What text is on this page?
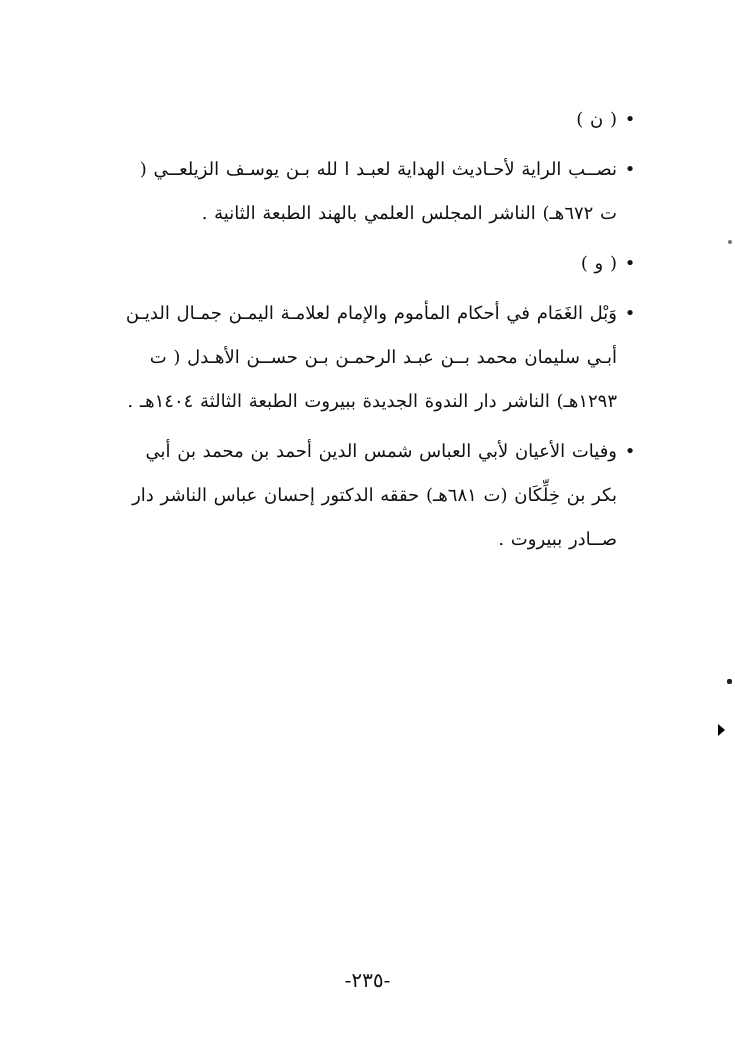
•
( ن )
•
نصــب الراية لأحـاديث الهداية لعبـد ا لله بـن يوسـف الزيلعــي ( ت ٦٧٢هـ) الناشر المجلس العلمي بالهند الطبعة الثانية .
•
( و )
•
وَبْل الغَمَام في أحكام المأموم والإمام لعلامـة اليمـن جمـال الديـن أبـي سليمان محمد بــن عبـد الرحمـن بـن حســن الأهـدل ( ت ١٢٩٣هـ) الناشر دار الندوة الجديدة ببيروت الطبعة الثالثة ١٤٠٤هـ .
•
وفيات الأعيان لأبي العباس شمس الدين أحمد بن محمد بن أبي بكر بن خِلِّكَان (ت ٦٨١هـ) حققه الدكتور إحسان عباس الناشر دار صــادر ببيروت .
-٢٣٥-
